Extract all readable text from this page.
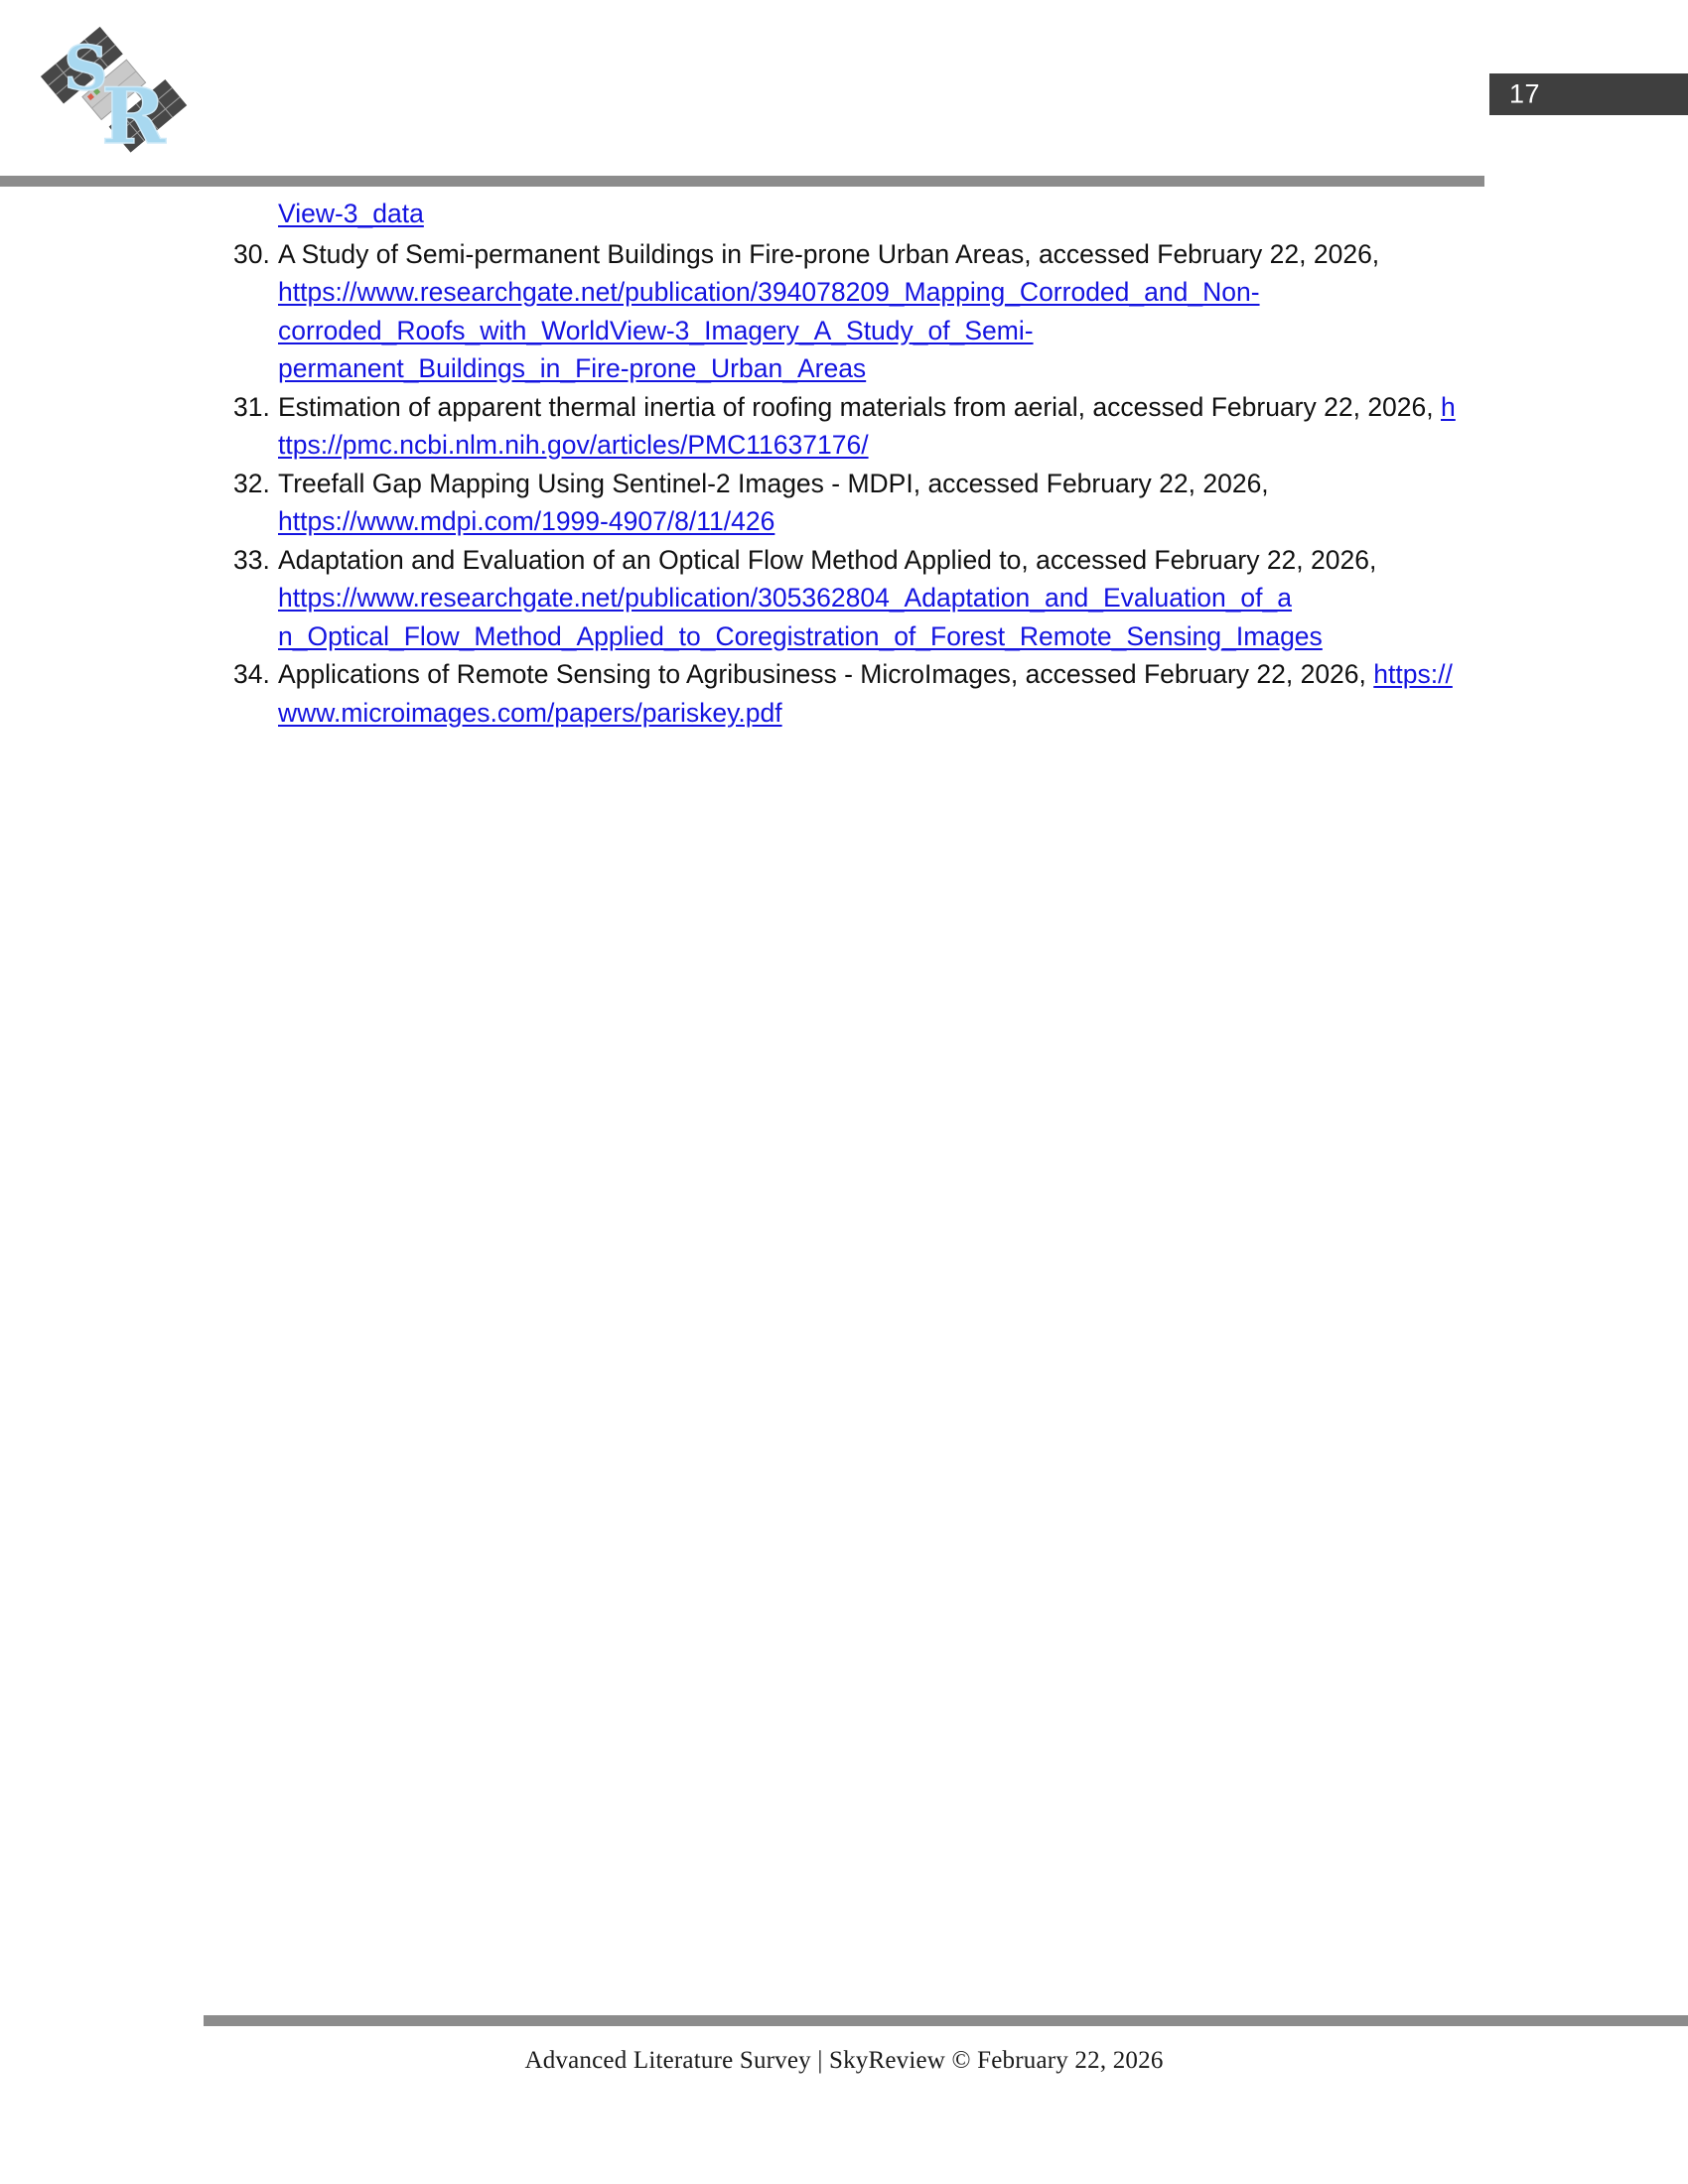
S
R	17
View-3_data
30. A Study of Semi-permanent Buildings in Fire-prone Urban Areas, accessed February 22, 2026,
https://www.researchgate.net/publication/394078209_Mapping_Corroded_and_Non-
corroded_Roofs_with_WorldView-3_Imagery_A_Study_of_Semi-
permanent_Buildings_in_Fire-prone_Urban_Areas
31. Estimation of apparent thermal inertia of roofing materials from aerial, accessed February 22, 2026, https://pmc.ncbi.nlm.nih.gov/articles/PMC11637176/
32. Treefall Gap Mapping Using Sentinel-2 Images - MDPI, accessed February 22, 2026,
https://www.mdpi.com/1999-4907/8/11/426
33. Adaptation and Evaluation of an Optical Flow Method Applied to, accessed February 22, 2026,
https://www.researchgate.net/publication/305362804_Adaptation_and_Evaluation_of_a
n_Optical_Flow_Method_Applied_to_Coregistration_of_Forest_Remote_Sensing_Images
34. Applications of Remote Sensing to Agribusiness - MicroImages, accessed February 22, 2026, https://www.microimages.com/papers/pariskey.pdf
Advanced Literature Survey | SkyReview © February 22, 2026
